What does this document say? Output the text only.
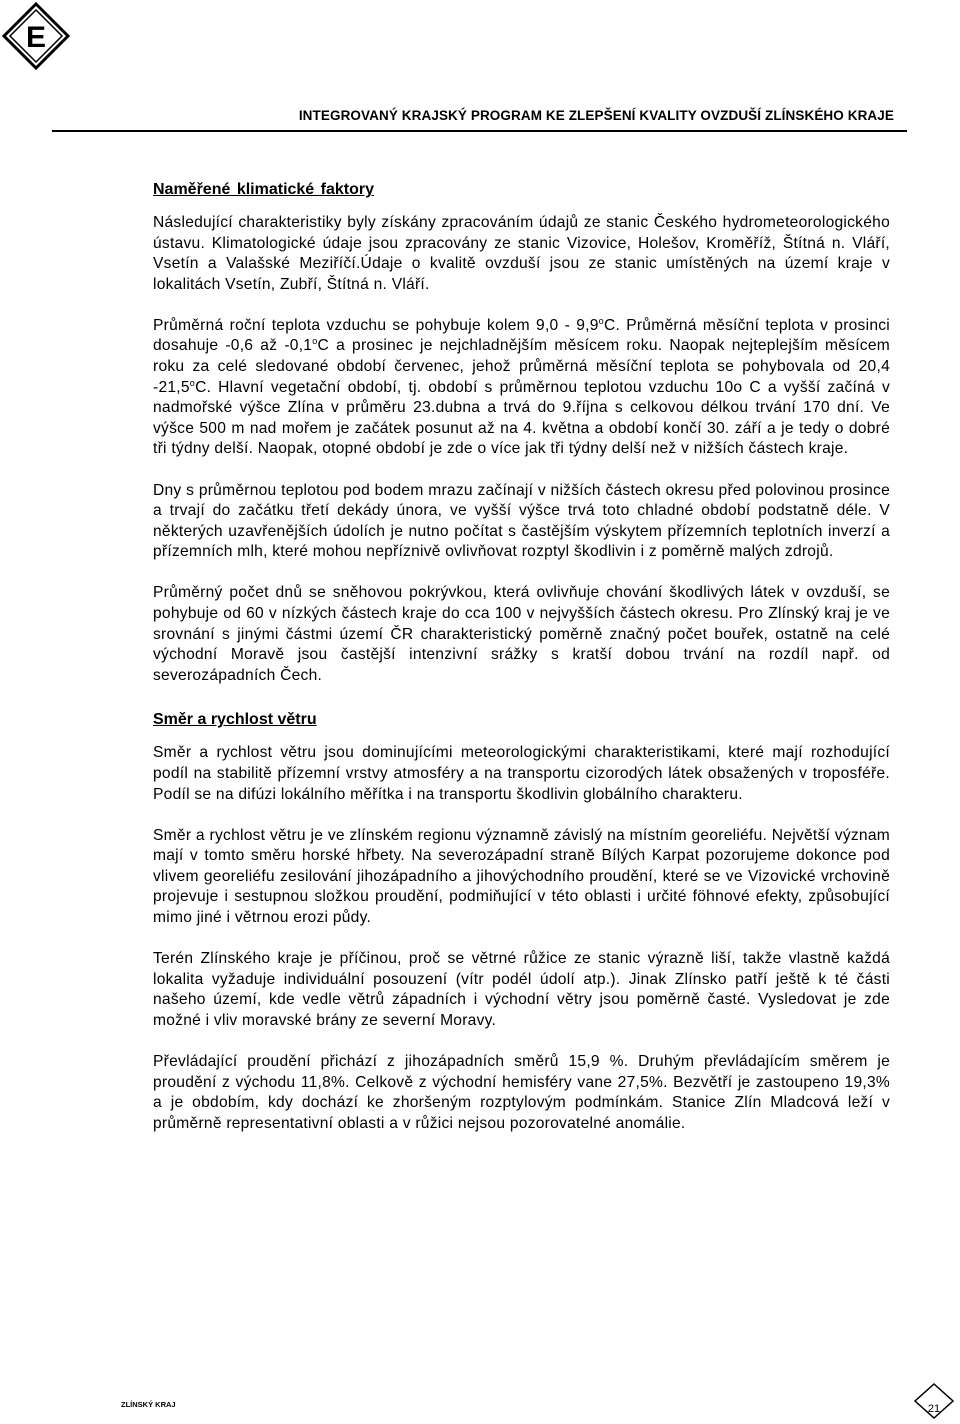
E
INTEGROVANÝ KRAJSKÝ PROGRAM KE ZLEPŠENÍ KVALITY OVZDUŠÍ ZLÍNSKÉHO KRAJE
Naměřené klimatické faktory

Následující charakteristiky byly získány zpracováním údajů ze stanic Českého hydrometeorologického ústavu. Klimatologické údaje jsou zpracovány ze stanic Vizovice, Holešov, Kroměříž, Štítná n. Vláří, Vsetín a Valašské Meziříčí.Údaje o kvalitě ovzduší jsou ze stanic umístěných na území kraje v lokalitách Vsetín, Zubří, Štítná n. Vláří.

Průměrná roční teplota vzduchu se pohybuje kolem 9,0 - 9,9$^o$C. Průměrná měsíční teplota v prosinci dosahuje -0,6 až -0,1$^o$C a prosinec je nejchladnějším měsícem roku. Naopak nejteplejším měsícem roku za celé sledované období červenec, jehož průměrná měsíční teplota se pohybovala od 20,4 -21,5$^o$C. Hlavní vegetační období, tj. období s průměrnou teplotou vzduchu 10o C a vyšší začíná v nadmořské výšce Zlína v průměru 23.dubna a trvá do 9.října s celkovou délkou trvání 170 dní. Ve výšce 500 m nad mořem je začátek posunut až na 4. května a období končí 30. září a je tedy o dobré tři týdny delší. Naopak, otopné období je zde o více jak tři týdny delší než v nižších částech kraje.

Dny s průměrnou teplotou pod bodem mrazu začínají v nižších částech okresu před polovinou prosince a trvají do začátku třetí dekády února, ve vyšší výšce trvá toto chladné období podstatně déle. V některých uzavřenějších údolích je nutno počítat s častějším výskytem přízemních teplotních inverzí a přízemních mlh, které mohou nepříznivě ovlivňovat rozptyl škodlivin i z poměrně malých zdrojů.

Průměrný počet dnů se sněhovou pokrývkou, která ovlivňuje chování škodlivých látek v ovzduší, se pohybuje od 60 v nízkých částech kraje do cca 100 v nejvyšších částech okresu. Pro Zlínský kraj je ve srovnání s jinými částmi území ČR charakteristický poměrně značný počet bouřek, ostatně na celé východní Moravě jsou častější intenzivní srážky s kratší dobou trvání na rozdíl např. od severozápadních Čech.

Směr a rychlost větru

Směr a rychlost větru jsou dominujícími meteorologickými charakteristikami, které mají rozhodující podíl na stabilitě přízemní vrstvy atmosféry a na transportu cizorodých látek obsažených v troposféře. Podíl se na difúzi lokálního měřítka i na transportu škodlivin globálního charakteru.

Směr a rychlost větru je ve zlínském regionu významně závislý na místním georeliéfu. Největší význam mají v tomto směru horské hřbety. Na severozápadní straně Bílých Karpat pozorujeme dokonce pod vlivem georeliéfu zesilování jihozápadního a jihovýchodního proudění, které se ve Vizovické vrchovině projevuje i sestupnou složkou proudění, podmiňující v této oblasti i určité föhnové efekty, způsobující mimo jiné i větrnou erozi půdy.

Terén Zlínského kraje je příčinou, proč se větrné růžice ze stanic výrazně liší, takže vlastně každá lokalita vyžaduje individuální posouzení (vítr podél údolí atp.). Jinak Zlínsko patří ještě k té části našeho území, kde vedle větrů západních i východní větry jsou poměrně časté. Vysledovat je zde možné i vliv moravské brány ze severní Moravy.

Převládající proudění přichází z jihozápadních směrů 15,9 %. Druhým převládajícím směrem je proudění z východu 11,8%. Celkově z východní hemisféry vane 27,5%. Bezvětří je zastoupeno 19,3% a je obdobím, kdy dochází ke zhoršeným rozptylovým podmínkám. Stanice Zlín Mladcová leží v průměrně representativní oblasti a v růžici nejsou pozorovatelné anomálie.

ZLÍNSKÝ KRAJ	21
